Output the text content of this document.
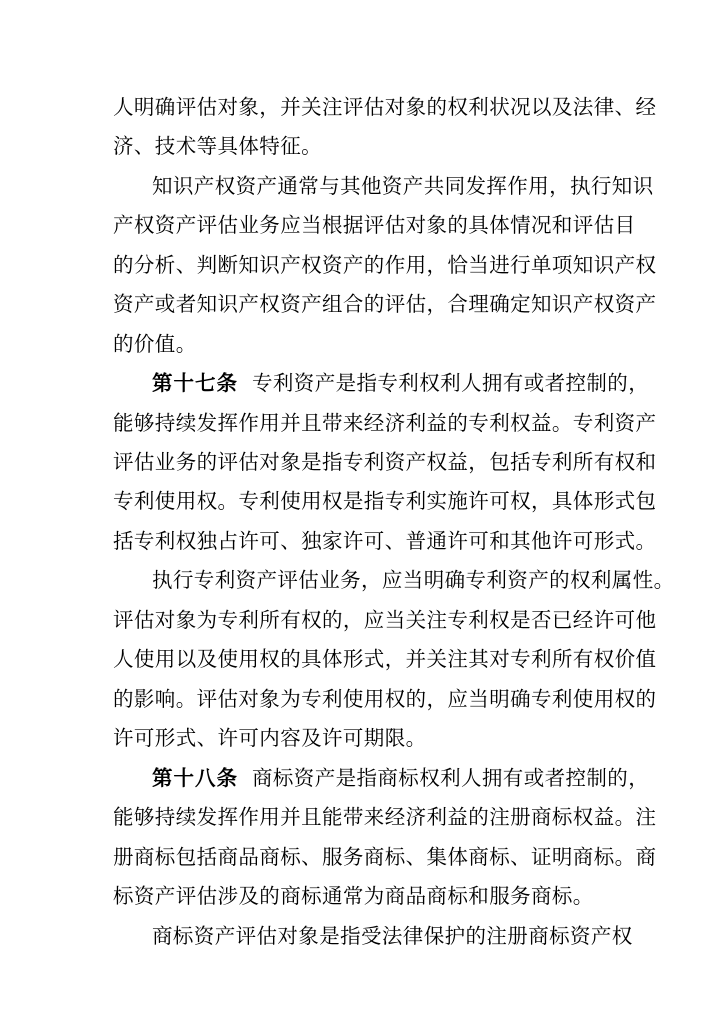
人明确评估对象，并关注评估对象的权利状况以及法律、经
济、技术等具体特征。
知识产权资产通常与其他资产共同发挥作用，执行知识
产权资产评估业务应当根据评估对象的具体情况和评估目
的分析、判断知识产权资产的作用，恰当进行单项知识产权
资产或者知识产权资产组合的评估，合理确定知识产权资产
的价值。
第十七条 专利资产是指专利权利人拥有或者控制的，
能够持续发挥作用并且带来经济利益的专利权益。专利资产
评估业务的评估对象是指专利资产权益，包括专利所有权和
专利使用权。专利使用权是指专利实施许可权，具体形式包
括专利权独占许可、独家许可、普通许可和其他许可形式。
执行专利资产评估业务，应当明确专利资产的权利属性。
评估对象为专利所有权的，应当关注专利权是否已经许可他
人使用以及使用权的具体形式，并关注其对专利所有权价值
的影响。评估对象为专利使用权的，应当明确专利使用权的
许可形式、许可内容及许可期限。
第十八条 商标资产是指商标权利人拥有或者控制的，
能够持续发挥作用并且能带来经济利益的注册商标权益。注
册商标包括商品商标、服务商标、集体商标、证明商标。商
标资产评估涉及的商标通常为商品商标和服务商标。
商标资产评估对象是指受法律保护的注册商标资产权
